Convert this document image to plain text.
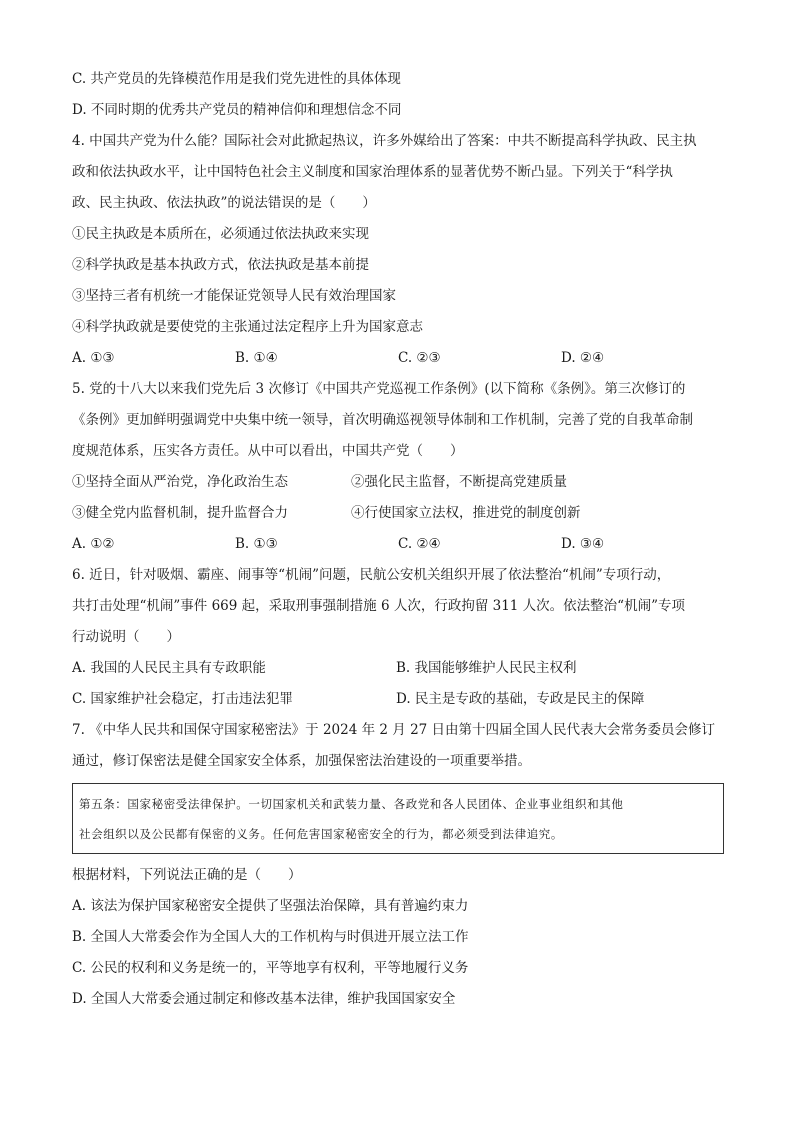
C. 共产党员的先锋模范作用是我们党先进性的具体体现
D. 不同时期的优秀共产党员的精神信仰和理想信念不同
4. 中国共产党为什么能？国际社会对此掀起热议，许多外媒给出了答案：中共不断提高科学执政、民主执
政和依法执政水平，让中国特色社会主义制度和国家治理体系的显著优势不断凸显。下列关于“科学执
政、民主执政、依法执政”的说法错误的是（　　）
①民主执政是本质所在，必须通过依法执政来实现
②科学执政是基本执政方式，依法执政是基本前提
③坚持三者有机统一才能保证党领导人民有效治理国家
④科学执政就是要使党的主张通过法定程序上升为国家意志
A. ①③	B. ①④	C. ②③	D. ②④
5. 党的十八大以来我们党先后 3 次修订《中国共产党巡视工作条例》(以下简称《条例》。第三次修订的
《条例》更加鲜明强调党中央集中统一领导，首次明确巡视领导体制和工作机制，完善了党的自我革命制
度规范体系，压实各方责任。从中可以看出，中国共产党（　　）
①坚持全面从严治党，净化政治生态	②强化民主监督，不断提高党建质量
③健全党内监督机制，提升监督合力	④行使国家立法权，推进党的制度创新
A. ①②	B. ①③	C. ②④	D. ③④
6. 近日，针对吸烟、霸座、闹事等“机闹”问题，民航公安机关组织开展了依法整治“机闹”专项行动，
共打击处理“机闹”事件 669 起，采取刑事强制措施 6 人次，行政拘留 311 人次。依法整治“机闹”专项
行动说明（　　）
A. 我国的人民民主具有专政职能	B. 我国能够维护人民民主权利
C. 国家维护社会稳定，打击违法犯罪	D. 民主是专政的基础，专政是民主的保障
7. 《中华人民共和国保守国家秘密法》于 2024 年 2 月 27 日由第十四届全国人民代表大会常务委员会修订
通过，修订保密法是健全国家安全体系，加强保密法治建设的一项重要举措。
第五条：国家秘密受法律保护。一切国家机关和武装力量、各政党和各人民团体、企业事业组织和其他
社会组织以及公民都有保密的义务。任何危害国家秘密安全的行为，都必须受到法律追究。
根据材料，下列说法正确的是（　　）
A. 该法为保护国家秘密安全提供了坚强法治保障，具有普遍约束力
B. 全国人大常委会作为全国人大的工作机构与时俱进开展立法工作
C. 公民的权利和义务是统一的，平等地享有权利，平等地履行义务
D. 全国人大常委会通过制定和修改基本法律，维护我国国家安全
